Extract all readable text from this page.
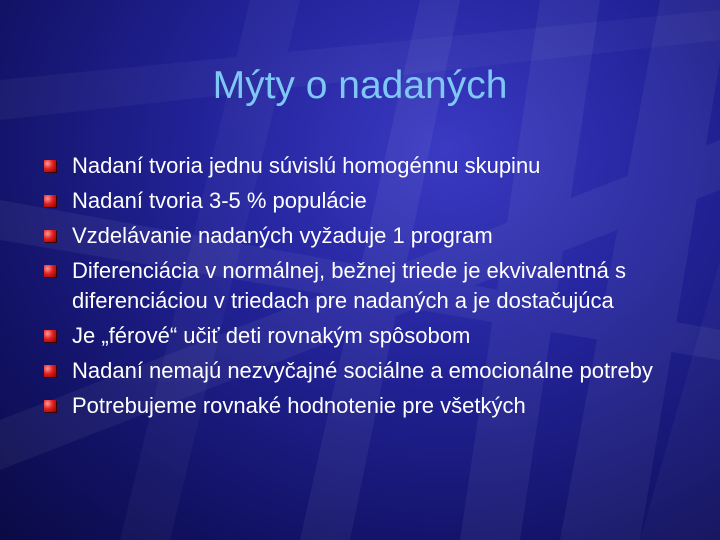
Mýty o nadaných
Nadaní tvoria jednu súvislú homogénnu skupinu
Nadaní tvoria 3-5 % populácie
Vzdelávanie nadaných vyžaduje 1 program
Diferenciácia v normálnej, bežnej triede je ekvivalentná s diferenciáciou v triedach pre nadaných a je dostačujúca
Je „férové“ učiť deti rovnakým spôsobom
Nadaní nemajú nezvyčajné sociálne a emocionálne potreby
Potrebujeme rovnaké hodnotenie pre všetkých
